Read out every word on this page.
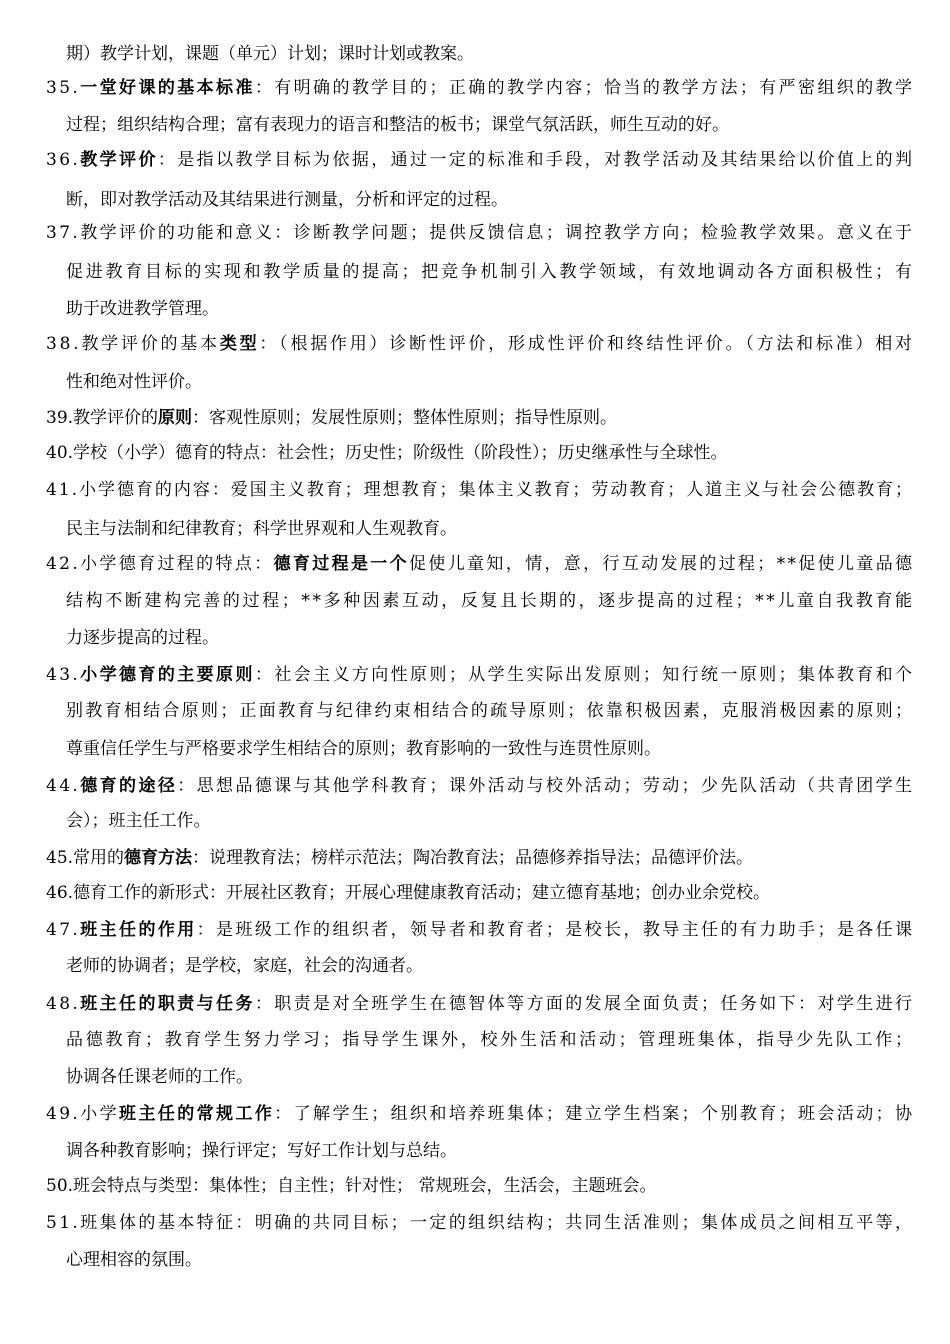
期）教学计划，课题（单元）计划；课时计划或教案。
35.一堂好课的基本标准：有明确的教学目的；正确的教学内容；恰当的教学方法；有严密组织的教学
过程；组织结构合理；富有表现力的语言和整洁的板书；课堂气氛活跃，师生互动的好。
36.教学评价：是指以教学目标为依据，通过一定的标准和手段，对教学活动及其结果给以价值上的判
断，即对教学活动及其结果进行测量，分析和评定的过程。
37.教学评价的功能和意义：诊断教学问题；提供反馈信息；调控教学方向；检验教学效果。意义在于
促进教育目标的实现和教学质量的提高；把竞争机制引入教学领域，有效地调动各方面积极性；有
助于改进教学管理。
38.教学评价的基本类型：（根据作用）诊断性评价，形成性评价和终结性评价。（方法和标准）相对
性和绝对性评价。
39.教学评价的原则：客观性原则；发展性原则；整体性原则；指导性原则。
40.学校（小学）德育的特点：社会性；历史性；阶级性（阶段性）；历史继承性与全球性。
41.小学德育的内容：爱国主义教育；理想教育；集体主义教育；劳动教育；人道主义与社会公德教育；
民主与法制和纪律教育；科学世界观和人生观教育。
42.小学德育过程的特点：德育过程是一个促使儿童知，情，意，行互动发展的过程；**促使儿童品德
结构不断建构完善的过程；**多种因素互动，反复且长期的，逐步提高的过程；**儿童自我教育能
力逐步提高的过程。
43.小学德育的主要原则：社会主义方向性原则；从学生实际出发原则；知行统一原则；集体教育和个
别教育相结合原则；正面教育与纪律约束相结合的疏导原则；依靠积极因素，克服消极因素的原则；
尊重信任学生与严格要求学生相结合的原则；教育影响的一致性与连贯性原则。
44.德育的途径：思想品德课与其他学科教育；课外活动与校外活动；劳动；少先队活动（共青团学生
会）；班主任工作。
45.常用的德育方法：说理教育法；榜样示范法；陶冶教育法；品德修养指导法；品德评价法。
46.德育工作的新形式：开展社区教育；开展心理健康教育活动；建立德育基地；创办业余党校。
47.班主任的作用：是班级工作的组织者，领导者和教育者；是校长，教导主任的有力助手；是各任课
老师的协调者；是学校，家庭，社会的沟通者。
48.班主任的职责与任务：职责是对全班学生在德智体等方面的发展全面负责；任务如下：对学生进行
品德教育；教育学生努力学习；指导学生课外，校外生活和活动；管理班集体，指导少先队工作；
协调各任课老师的工作。
49.小学班主任的常规工作：了解学生；组织和培养班集体；建立学生档案；个别教育；班会活动；协
调各种教育影响；操行评定；写好工作计划与总结。
50.班会特点与类型：集体性；自主性；针对性； 常规班会，生活会，主题班会。
51.班集体的基本特征：明确的共同目标；一定的组织结构；共同生活准则；集体成员之间相互平等，
心理相容的氛围。
